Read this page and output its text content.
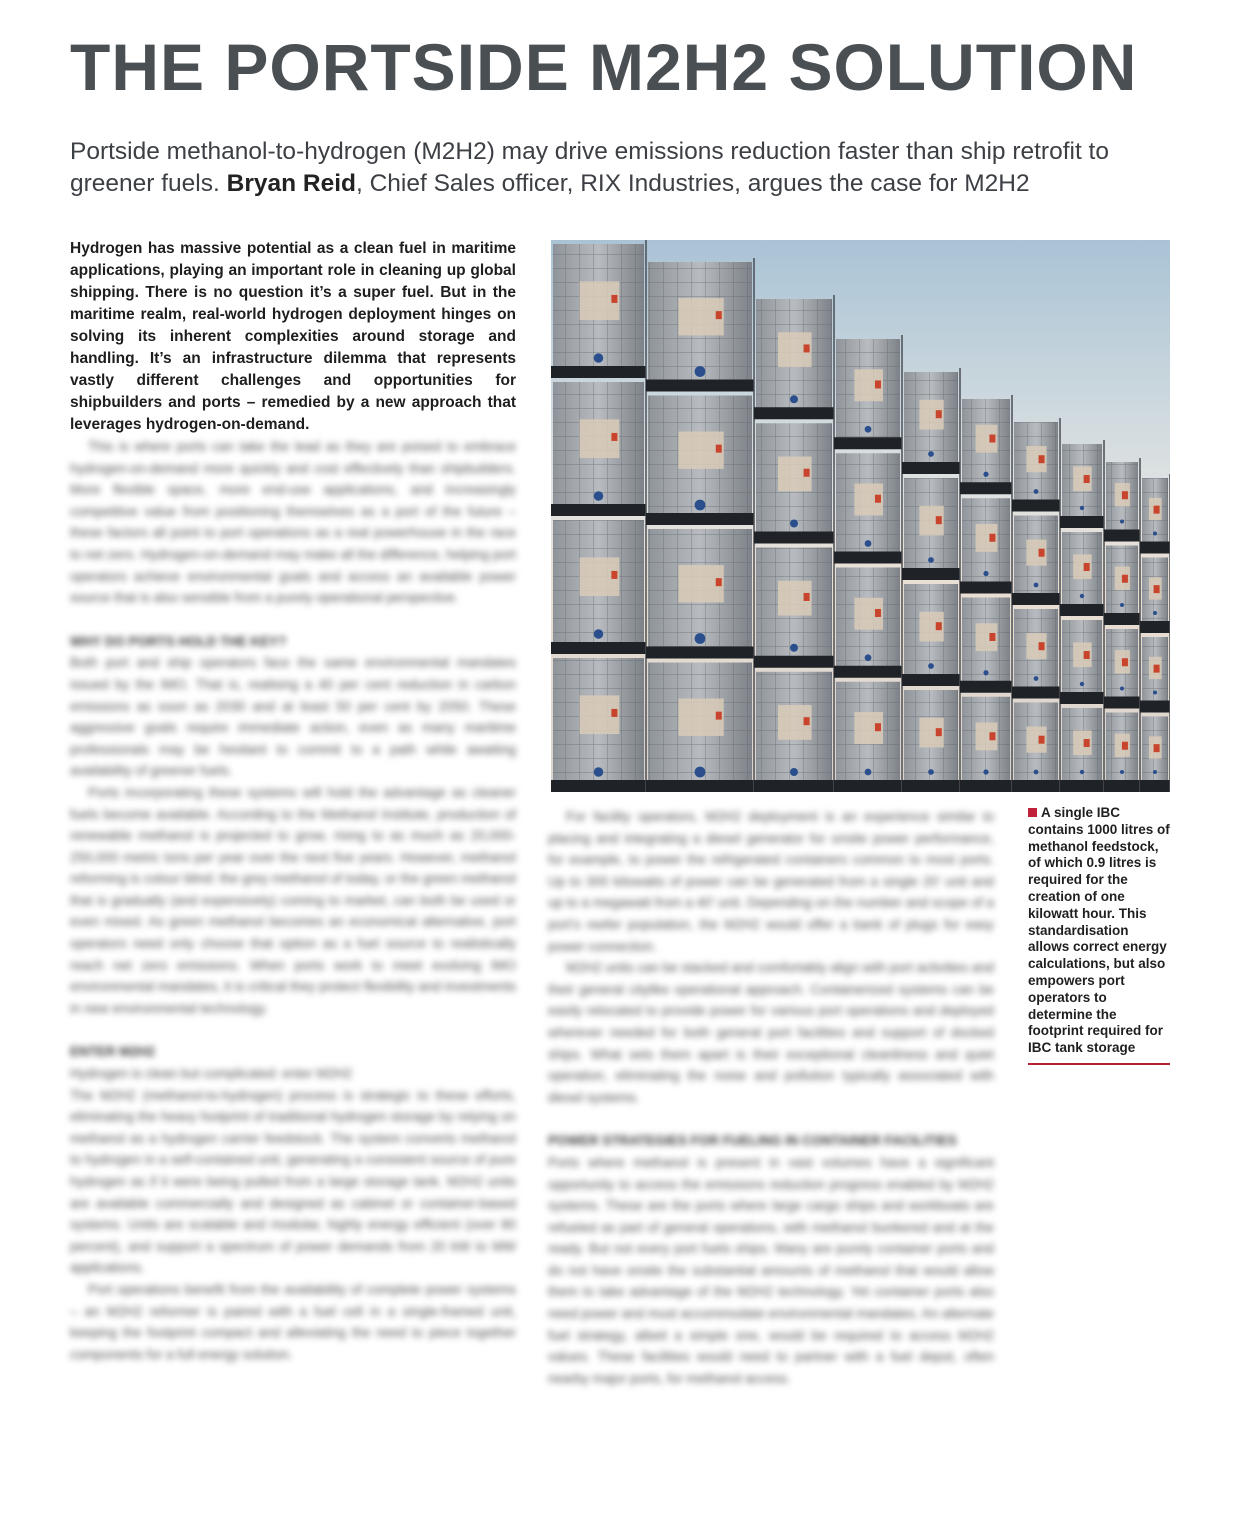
THE PORTSIDE M2H2 SOLUTION
Portside methanol-to-hydrogen (M2H2) may drive emissions reduction faster than ship retrofit to greener fuels. Bryan Reid, Chief Sales officer, RIX Industries, argues the case for M2H2

Hydrogen has massive potential as a clean fuel in maritime applications, playing an important role in cleaning up global shipping. There is no question it’s a super fuel. But in the maritime realm, real-world hydrogen deployment hinges on solving its inherent complexities around storage and handling. It’s an infrastructure dilemma that represents vastly different challenges and opportunities for shipbuilders and ports – remedied by a new approach that leverages hydrogen-on-demand.

This is where ports can take the lead as they are poised to embrace hydrogen-on-demand more quickly and cost effectively than shipbuilders. More flexible space, more end-use applications, and increasingly competitive value from positioning themselves as a port of the future – these factors all point to port operations as a real powerhouse in the race to net zero. Hydrogen-on-demand may make all the difference, helping port operators achieve environmental goals and access an available power source that is also sensible from a purely operational perspective.

WHY DO PORTS HOLD THE KEY?

Both port and ship operators face the same environmental mandates issued by the IMO. That is, realising a 40 per cent reduction in carbon emissions as soon as 2030 and at least 50 per cent by 2050. These aggressive goals require immediate action, even as many maritime professionals may be hesitant to commit to a path while awaiting availability of greener fuels.

Ports incorporating these systems will hold the advantage as cleaner fuels become available. According to the Methanol Institute, production of renewable methanol is projected to grow, rising to as much as 20,000-250,000 metric tons per year over the next five years. However, methanol reforming is colour blind: the grey methanol of today, or the green methanol that is gradually (and expensively) coming to market, can both be used or even mixed. As green methanol becomes an economical alternative, port operators need only choose that option as a fuel source to realistically reach net zero emissions. When ports work to meet evolving IMO environmental mandates, it is critical they protect flexibility and investments in new environmental technology.

ENTER M2H2

Hydrogen is clean but complicated: enter M2H2

The M2H2 (methanol-to-hydrogen) process is strategic to these efforts, eliminating the heavy footprint of traditional hydrogen storage by relying on methanol as a hydrogen carrier feedstock. The system converts methanol to hydrogen in a self-contained unit, generating a consistent source of pure hydrogen as if it were being pulled from a large storage tank. M2H2 units are available commercially and designed as cabinet or container-based systems. Units are scalable and modular, highly energy efficient (over 80 percent), and support a spectrum of power demands from 20 kW to MW applications.

Port operations benefit from the availability of complete power systems – an M2H2 reformer is paired with a fuel cell in a single-framed unit, keeping the footprint compact and alleviating the need to piece together components for a full energy solution.

For facility operators, M2H2 deployment is an experience similar to placing and integrating a diesel generator for onsite power performance, for example, to power the refrigerated containers common to most ports. Up to 300 kilowatts of power can be generated from a single 20’ unit and up to a megawatt from a 40’ unit. Depending on the number and scope of a port’s reefer population, the M2H2 would offer a bank of plugs for easy power connection.

M2H2 units can be stacked and comfortably align with port activities and their general citylike operational approach. Containerized systems can be easily relocated to provide power for various port operations and deployed wherever needed for both general port facilities and support of docked ships. What sets them apart is their exceptional cleanliness and quiet operation, eliminating the noise and pollution typically associated with diesel systems.

POWER STRATEGIES FOR FUELING IN CONTAINER FACILITIES

Ports where methanol is present in vast volumes have a significant opportunity to access the emissions reduction progress enabled by M2H2 systems. These are the ports where large cargo ships and workboats are refueled as part of general operations, with methanol bunkered and at the ready. But not every port fuels ships. Many are purely container ports and do not have onsite the substantial amounts of methanol that would allow them to take advantage of the M2H2 technology. Yet container ports also need power and must accommodate environmental mandates. An alternate fuel strategy, albeit a simple one, would be required to access M2H2 values. These facilities would need to partner with a fuel depot, often nearby major ports, for methanol access.

A single IBC contains 1000 litres of methanol feedstock, of which 0.9 litres is required for the creation of one kilowatt hour. This standardisation allows correct energy calculations, but also empowers port operators to determine the footprint required for IBC tank storage
